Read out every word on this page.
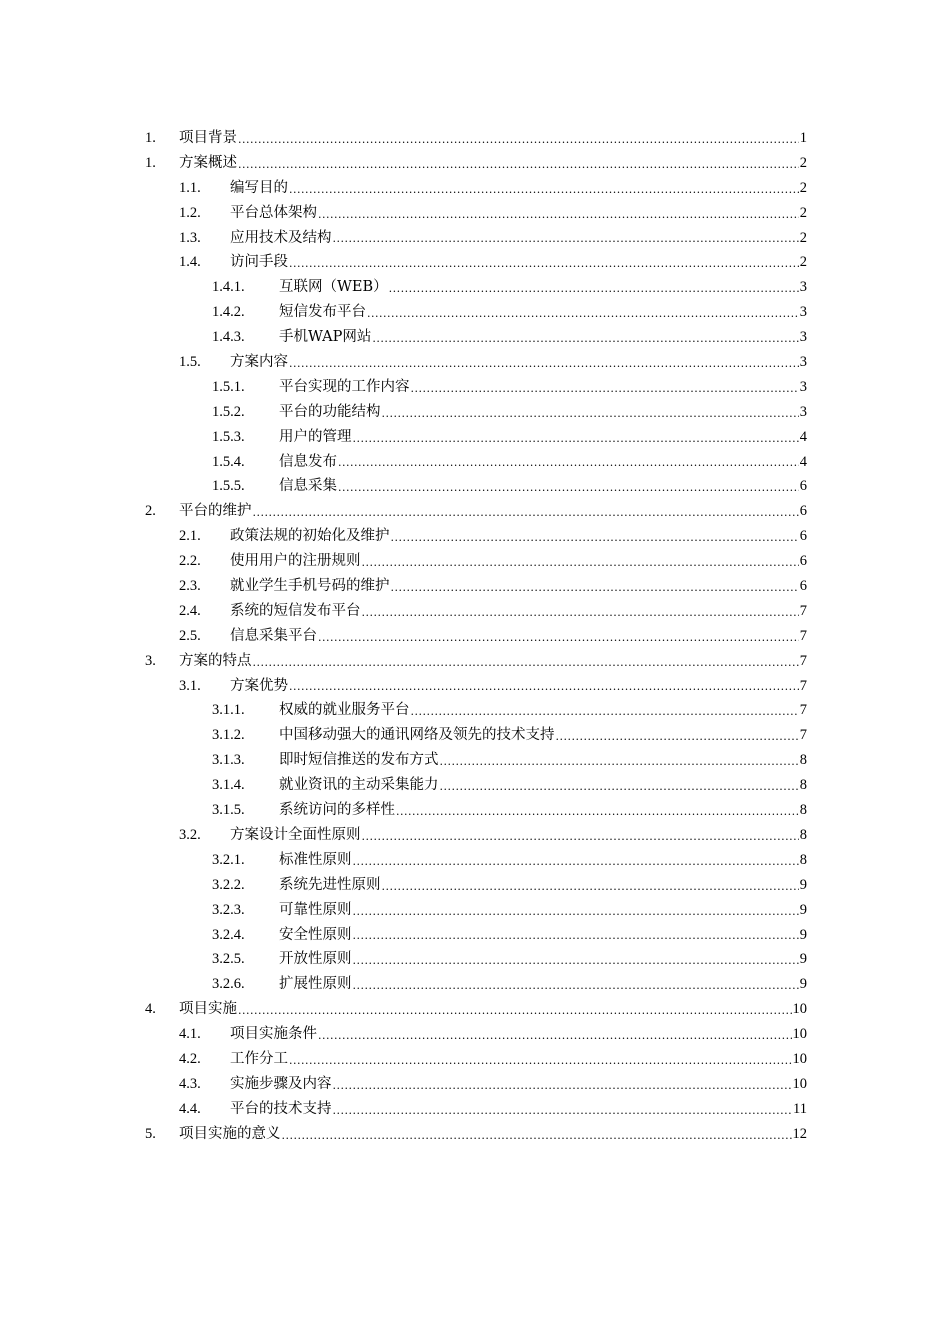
1.	项目背景 .....	1
1.	方案概述 .....	2
1.1.	编写目的 .....	2
1.2.	平台总体架构 .....	2
1.3.	应用技术及结构 .....	2
1.4.	访问手段 .....	2
1.4.1.	互联网（WEB） .....	3
1.4.2.	短信发布平台 .....	3
1.4.3.	手机WAP网站 .....	3
1.5.	方案内容 .....	3
1.5.1.	平台实现的工作内容 .....	3
1.5.2.	平台的功能结构 .....	3
1.5.3.	用户的管理 .....	4
1.5.4.	信息发布 .....	4
1.5.5.	信息采集 .....	6
2.	平台的维护 .....	6
2.1.	政策法规的初始化及维护 .....	6
2.2.	使用用户的注册规则 .....	6
2.3.	就业学生手机号码的维护 .....	6
2.4.	系统的短信发布平台 .....	7
2.5.	信息采集平台 .....	7
3.	方案的特点 .....	7
3.1.	方案优势 .....	7
3.1.1.	权威的就业服务平台 .....	7
3.1.2.	中国移动强大的通讯网络及领先的技术支持 .....	7
3.1.3.	即时短信推送的发布方式 .....	8
3.1.4.	就业资讯的主动采集能力 .....	8
3.1.5.	系统访问的多样性 .....	8
3.2.	方案设计全面性原则 .....	8
3.2.1.	标准性原则 .....	8
3.2.2.	系统先进性原则 .....	9
3.2.3.	可靠性原则 .....	9
3.2.4.	安全性原则 .....	9
3.2.5.	开放性原则 .....	9
3.2.6.	扩展性原则 .....	9
4.	项目实施 .....	10
4.1.	项目实施条件 .....	10
4.2.	工作分工 .....	10
4.3.	实施步骤及内容 .....	10
4.4.	平台的技术支持 .....	11
5.	项目实施的意义 .....	12
